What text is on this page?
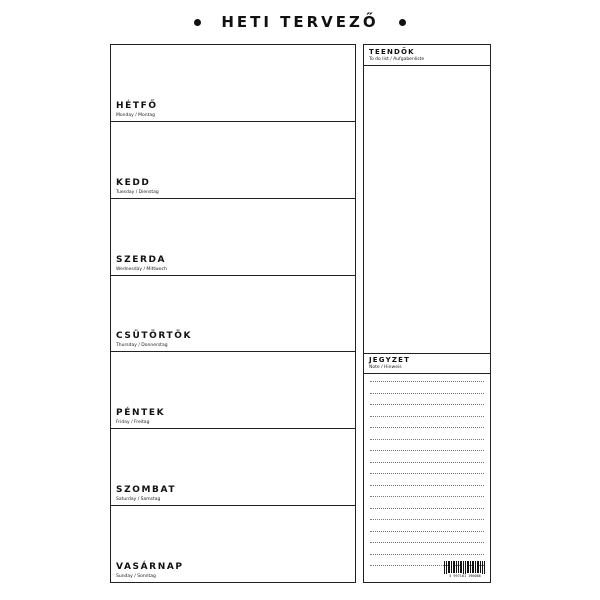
HETI TERVEZŐ
HÉTFŐ
Monday / Montag
KEDD
Tuesday / Dienstag
SZERDA
Wednesday / Mittwoch
CSÜTÖRTÖK
Thursday / Donnerstag
PÉNTEK
Friday / Freitag
SZOMBAT
Saturday / Samstag
VASÁRNAP
Sunday / Sonntag
TEENDŐK
To do list / Aufgabenliste
JEGYZET
Note / Hinweis
5 997101 190086
